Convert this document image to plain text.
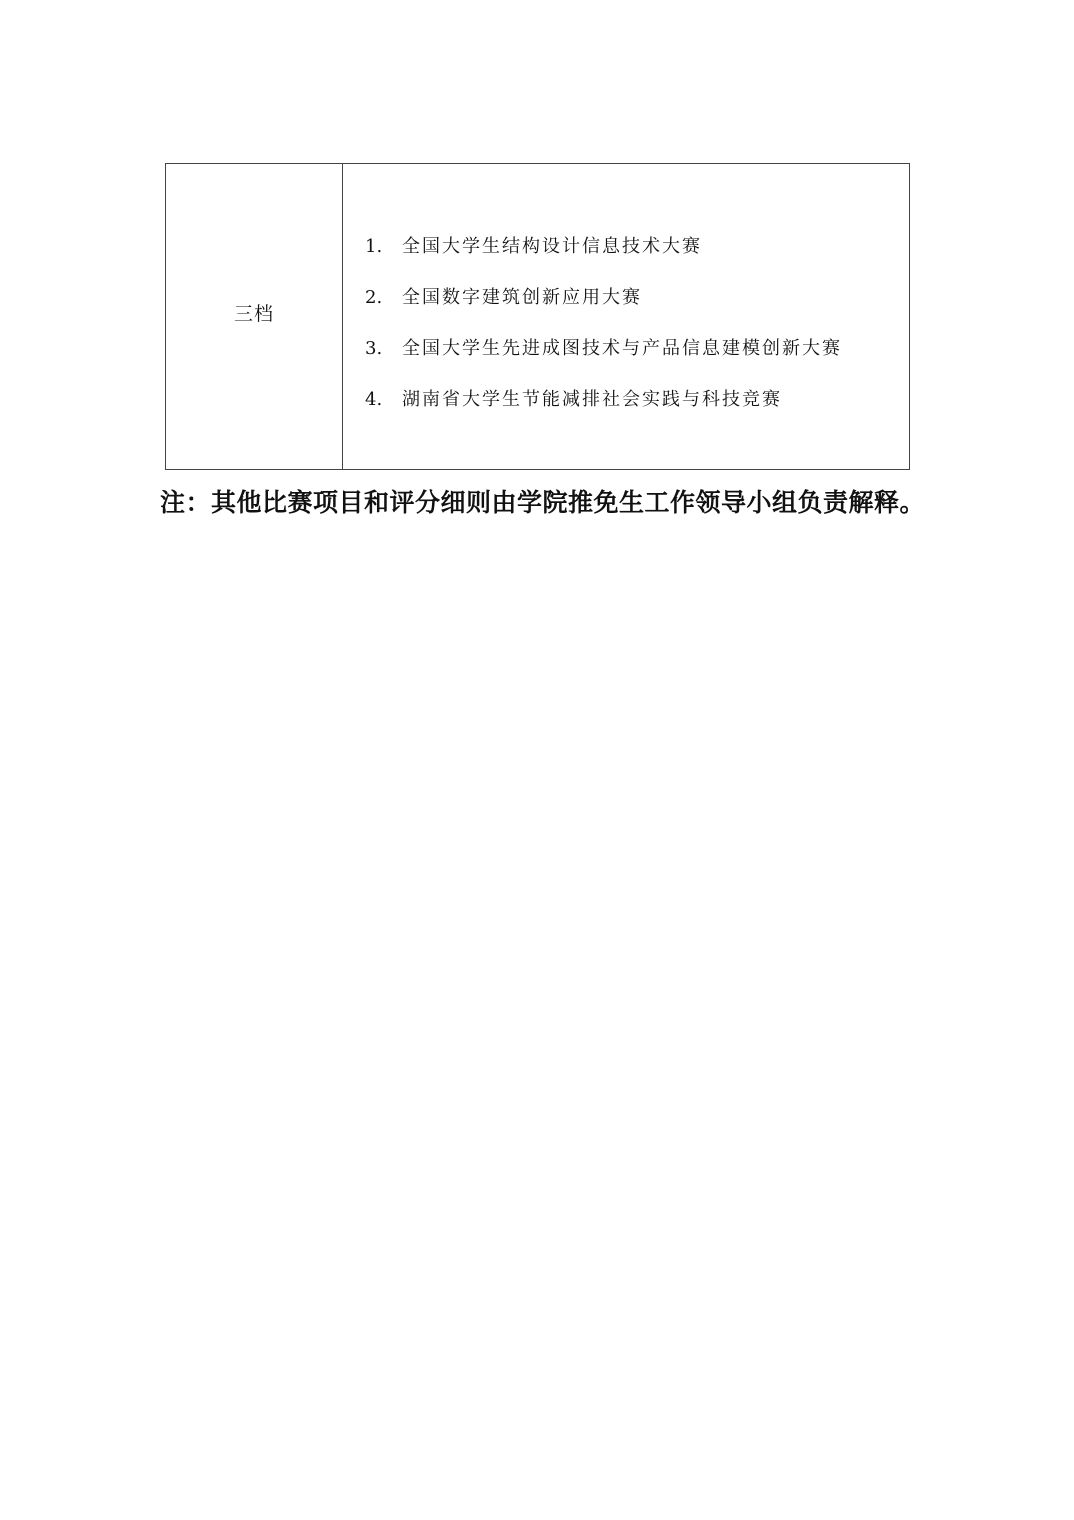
三档	
1.	全国大学生结构设计信息技术大赛
2.	全国数字建筑创新应用大赛
3.	全国大学生先进成图技术与产品信息建模创新大赛
4.	湖南省大学生节能减排社会实践与科技竞赛

注：其他比赛项目和评分细则由学院推免生工作领导小组负责解释。
